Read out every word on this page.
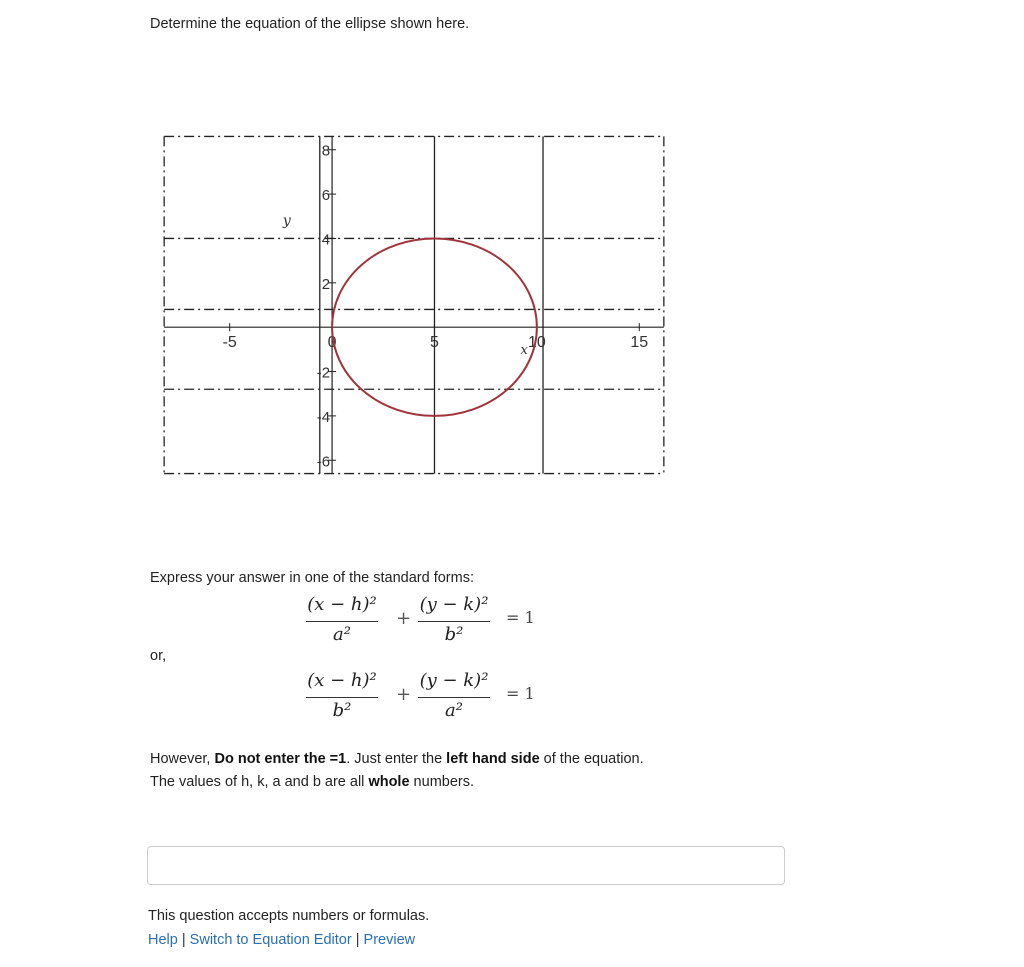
Determine the equation of the ellipse shown here.

-5	0	5	10	15
8
6
4
2
-2
-4
-6
x
y

Express your answer in one of the standard forms:

(x − h)²
a²
+
(y − k)²
b²
= 1

or,

(x − h)²
b²
+
(y − k)²
a²
= 1

However, Do not enter the =1. Just enter the left hand side of the equation.
The values of h, k, a and b are all whole numbers.

This question accepts numbers or formulas.

Help | Switch to Equation Editor | Preview
